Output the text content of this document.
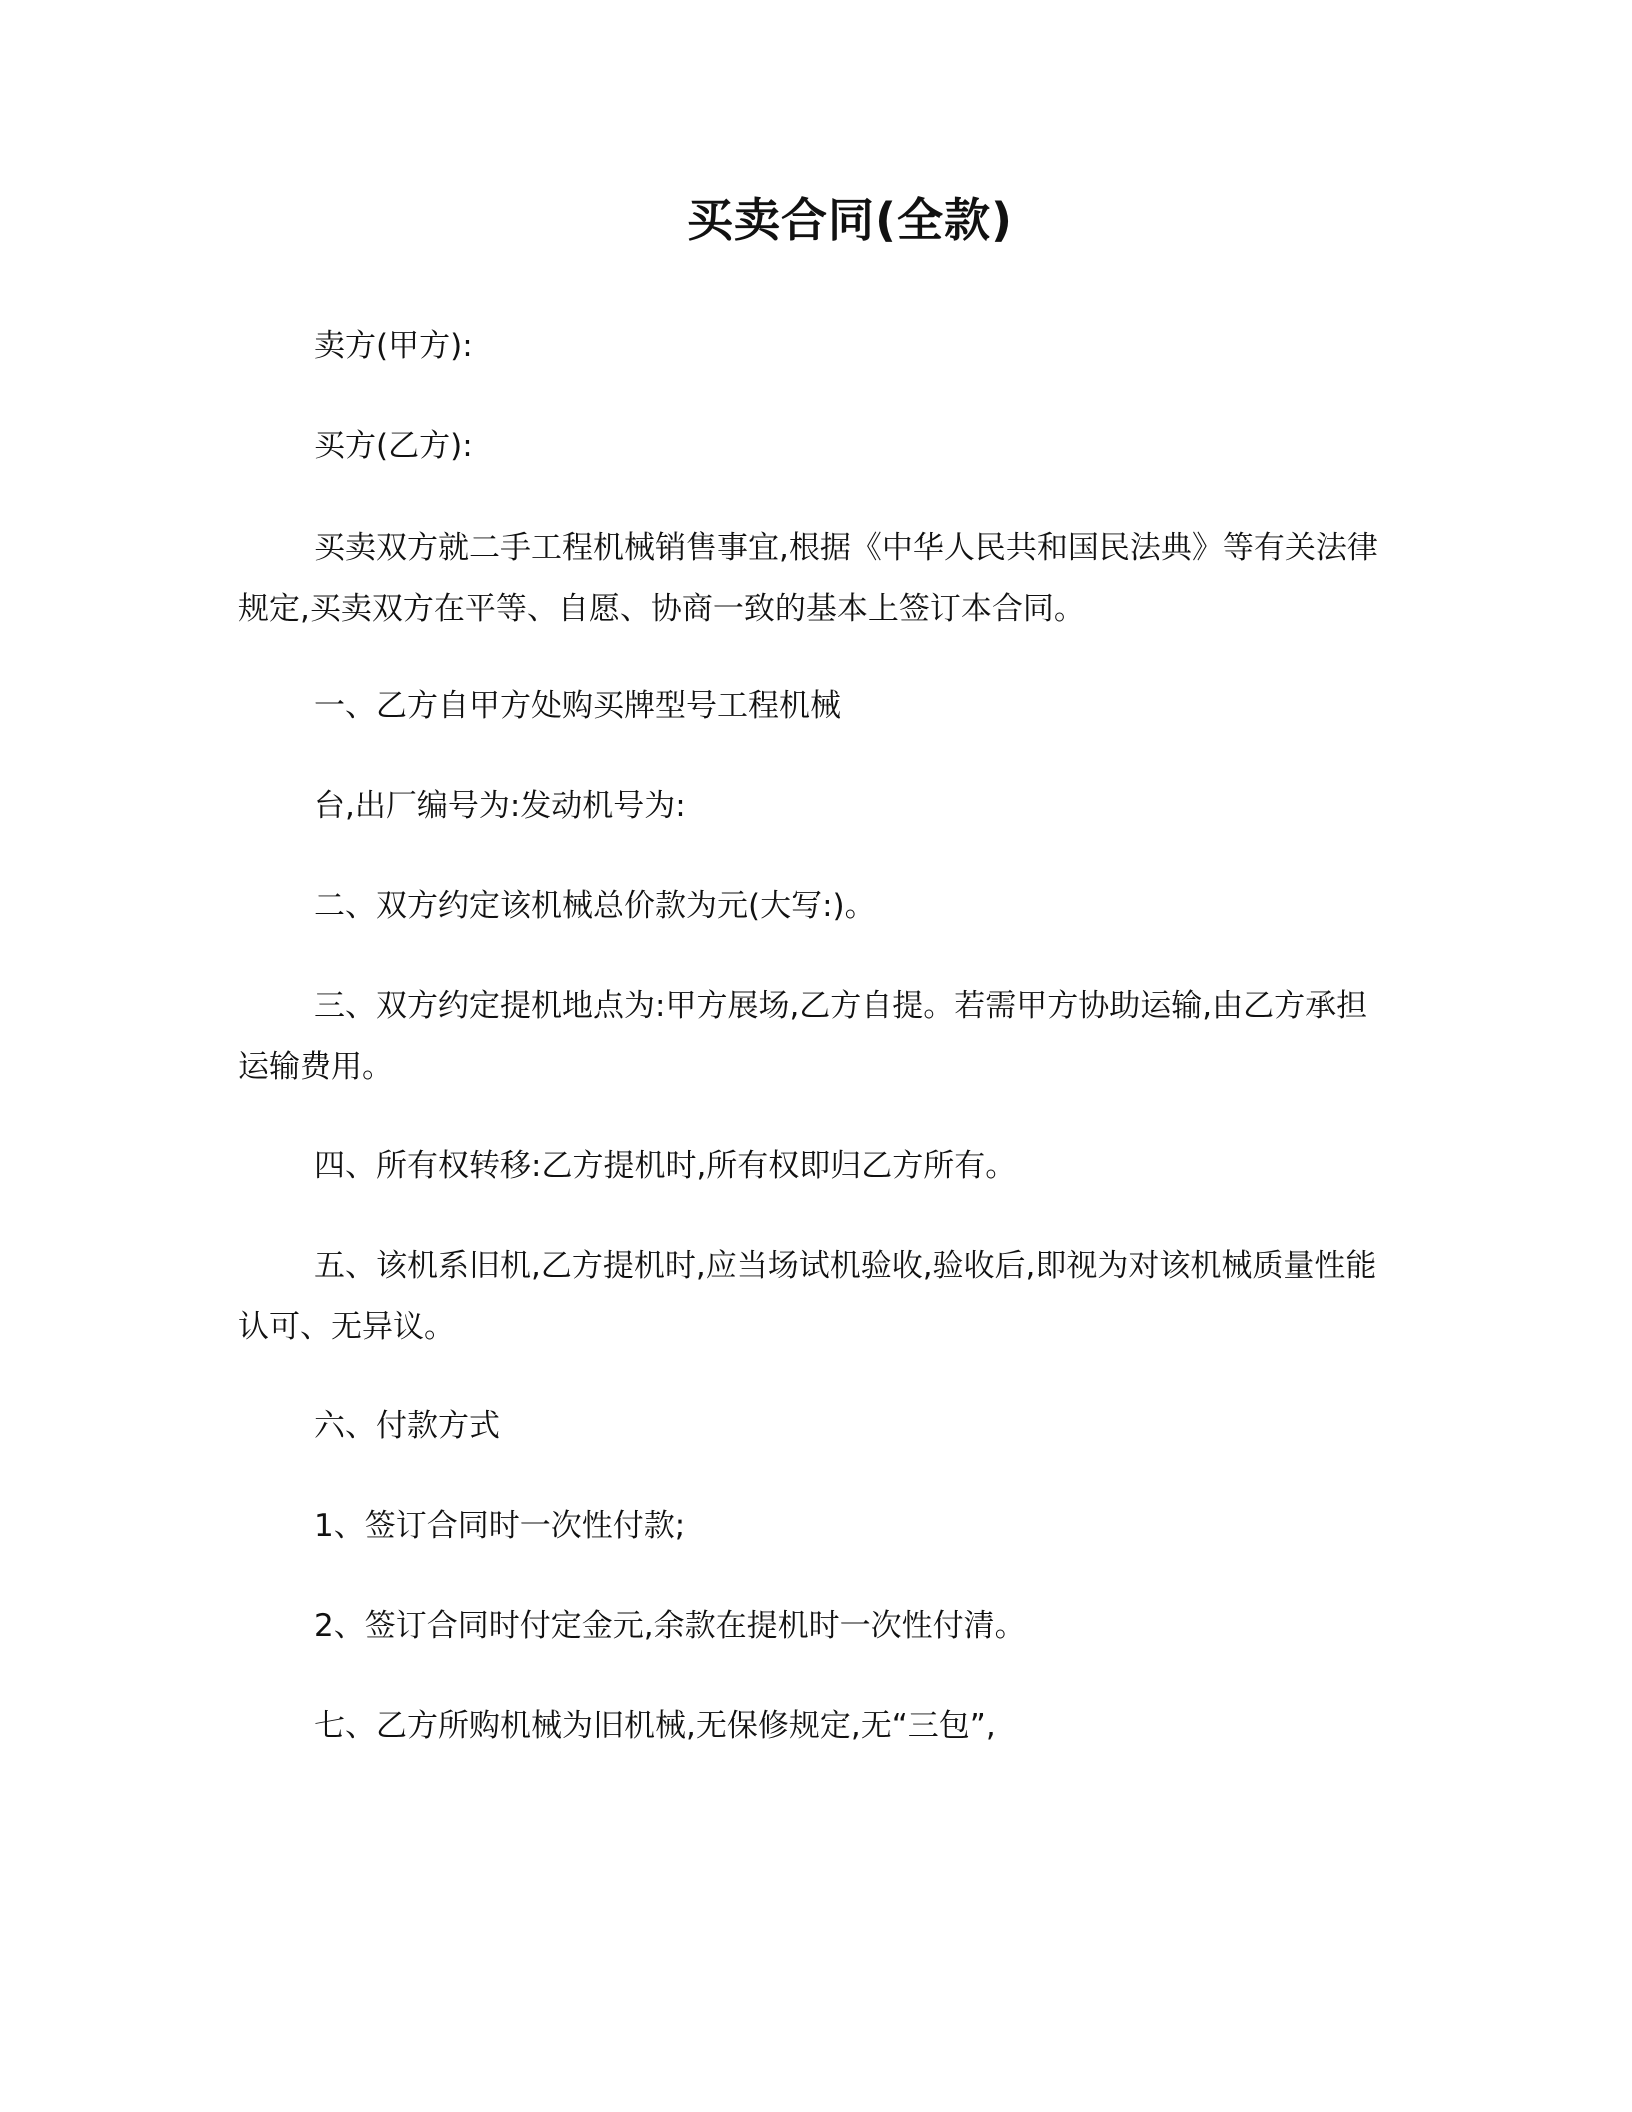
买卖合同(全款)
卖方(甲方):
买方(乙方):
买卖双方就二手工程机械销售事宜,根据《中华人民共和国民法典》等有关法律规定,买卖双方在平等、自愿、协商一致的基本上签订本合同。
一、乙方自甲方处购买牌型号工程机械
台,出厂编号为:发动机号为:
二、双方约定该机械总价款为元(大写:)。
三、双方约定提机地点为:甲方展场,乙方自提。若需甲方协助运输,由乙方承担运输费用。
四、所有权转移:乙方提机时,所有权即归乙方所有。
五、该机系旧机,乙方提机时,应当场试机验收,验收后,即视为对该机械质量性能认可、无异议。
六、付款方式
1、签订合同时一次性付款;
2、签订合同时付定金元,余款在提机时一次性付清。
七、乙方所购机械为旧机械,无保修规定,无“三包”,
